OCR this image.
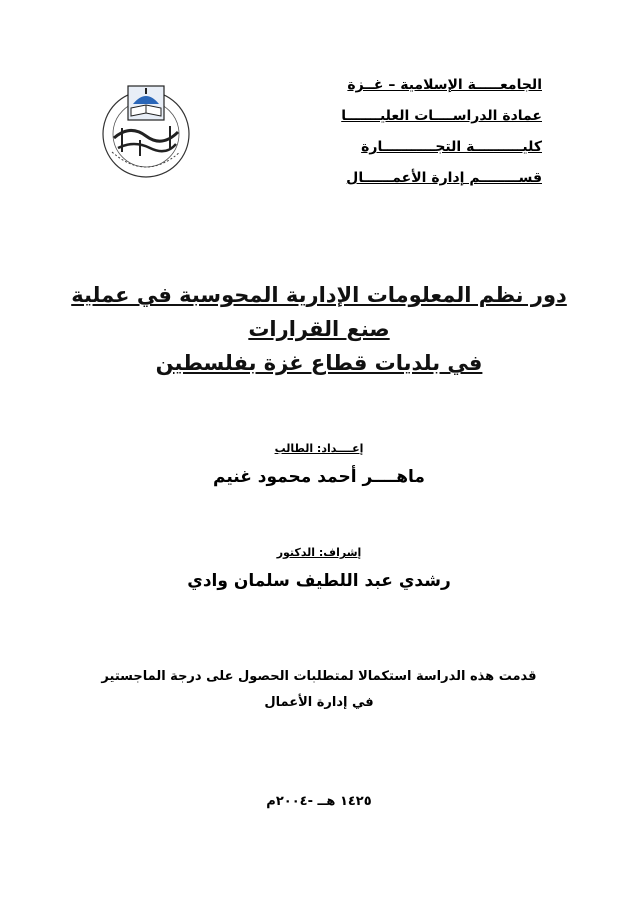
الجامعـــــة الإسلامية – غــزة
عمادة الدراســــات العليـــــــا
كليــــــــــة التجـــــــــــارة
قســــــــم إدارة الأعمــــــال
دور نظم المعلومات الإدارية المحوسبة في عملية صنع القرارات
في بلديات قطاع غزة بفلسطين
إعــــداد: الطالب
ماهــــر أحمد محمود غنيم
إشراف: الدكتور
رشدي عبد اللطيف سلمان وادي
قدمت هذه الدراسة استكمالا لمتطلبات الحصول على درجة الماجستير
في إدارة الأعمال
١٤٢٥ هــ -٢٠٠٤م
